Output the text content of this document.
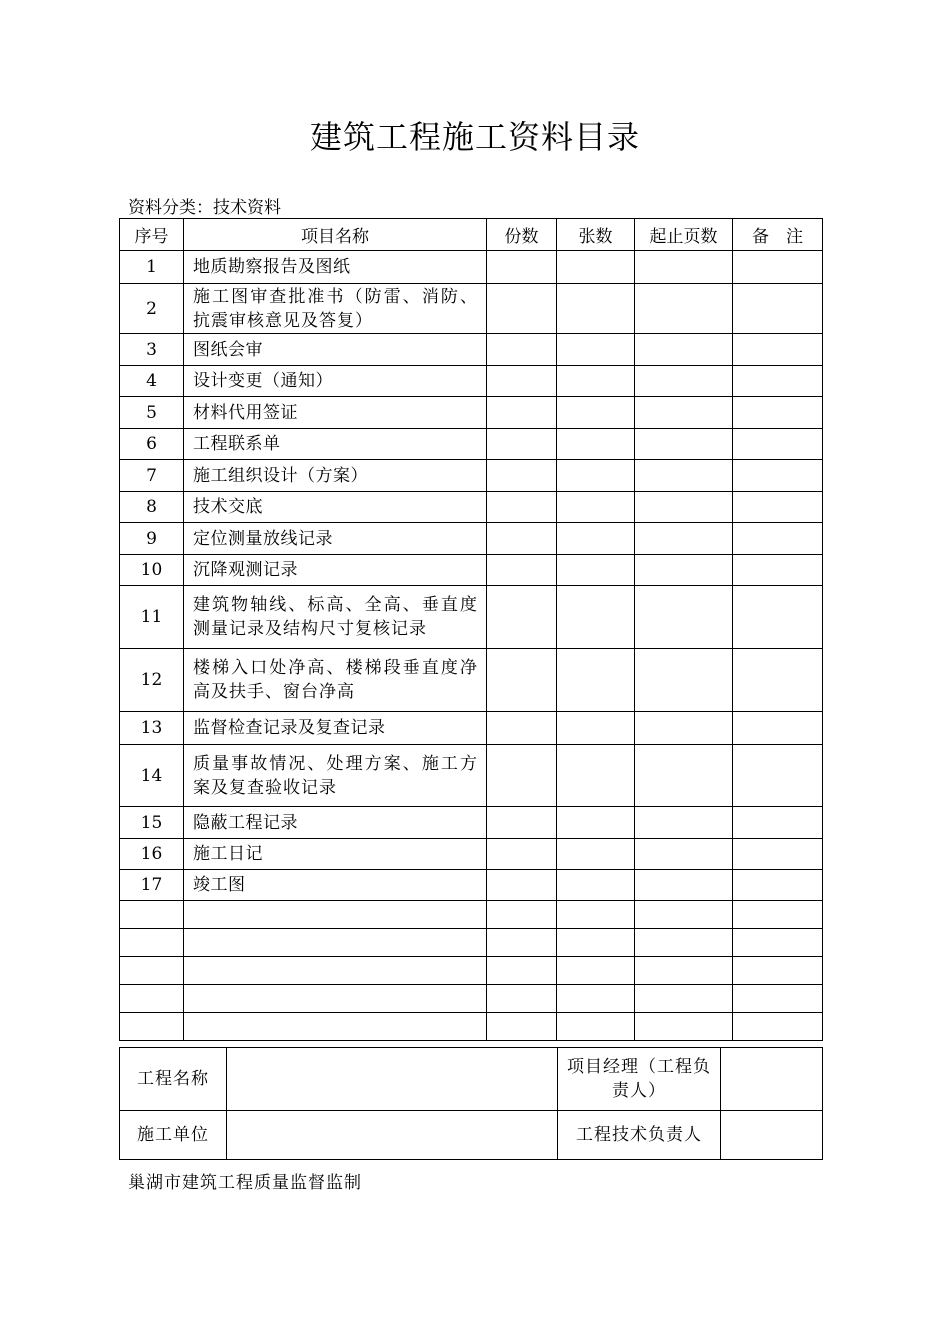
建筑工程施工资料目录
资料分类：技术资料
序号	项目名称	份数	张数	起止页数	备　注
1	地质勘察报告及图纸				
2	施工图审查批准书（防雷、消防、抗震审核意见及答复）				
3	图纸会审				
4	设计变更（通知）				
5	材料代用签证				
6	工程联系单				
7	施工组织设计（方案）				
8	技术交底				
9	定位测量放线记录				
10	沉降观测记录				
11	建筑物轴线、标高、全高、垂直度测量记录及结构尺寸复核记录				
12	楼梯入口处净高、楼梯段垂直度净高及扶手、窗台净高				
13	监督检查记录及复查记录				
14	质量事故情况、处理方案、施工方案及复查验收记录				
15	隐蔽工程记录				
16	施工日记				
17	竣工图				

工程名称		项目经理（工程负责人）	
施工单位		工程技术负责人	
巢湖市建筑工程质量监督监制
